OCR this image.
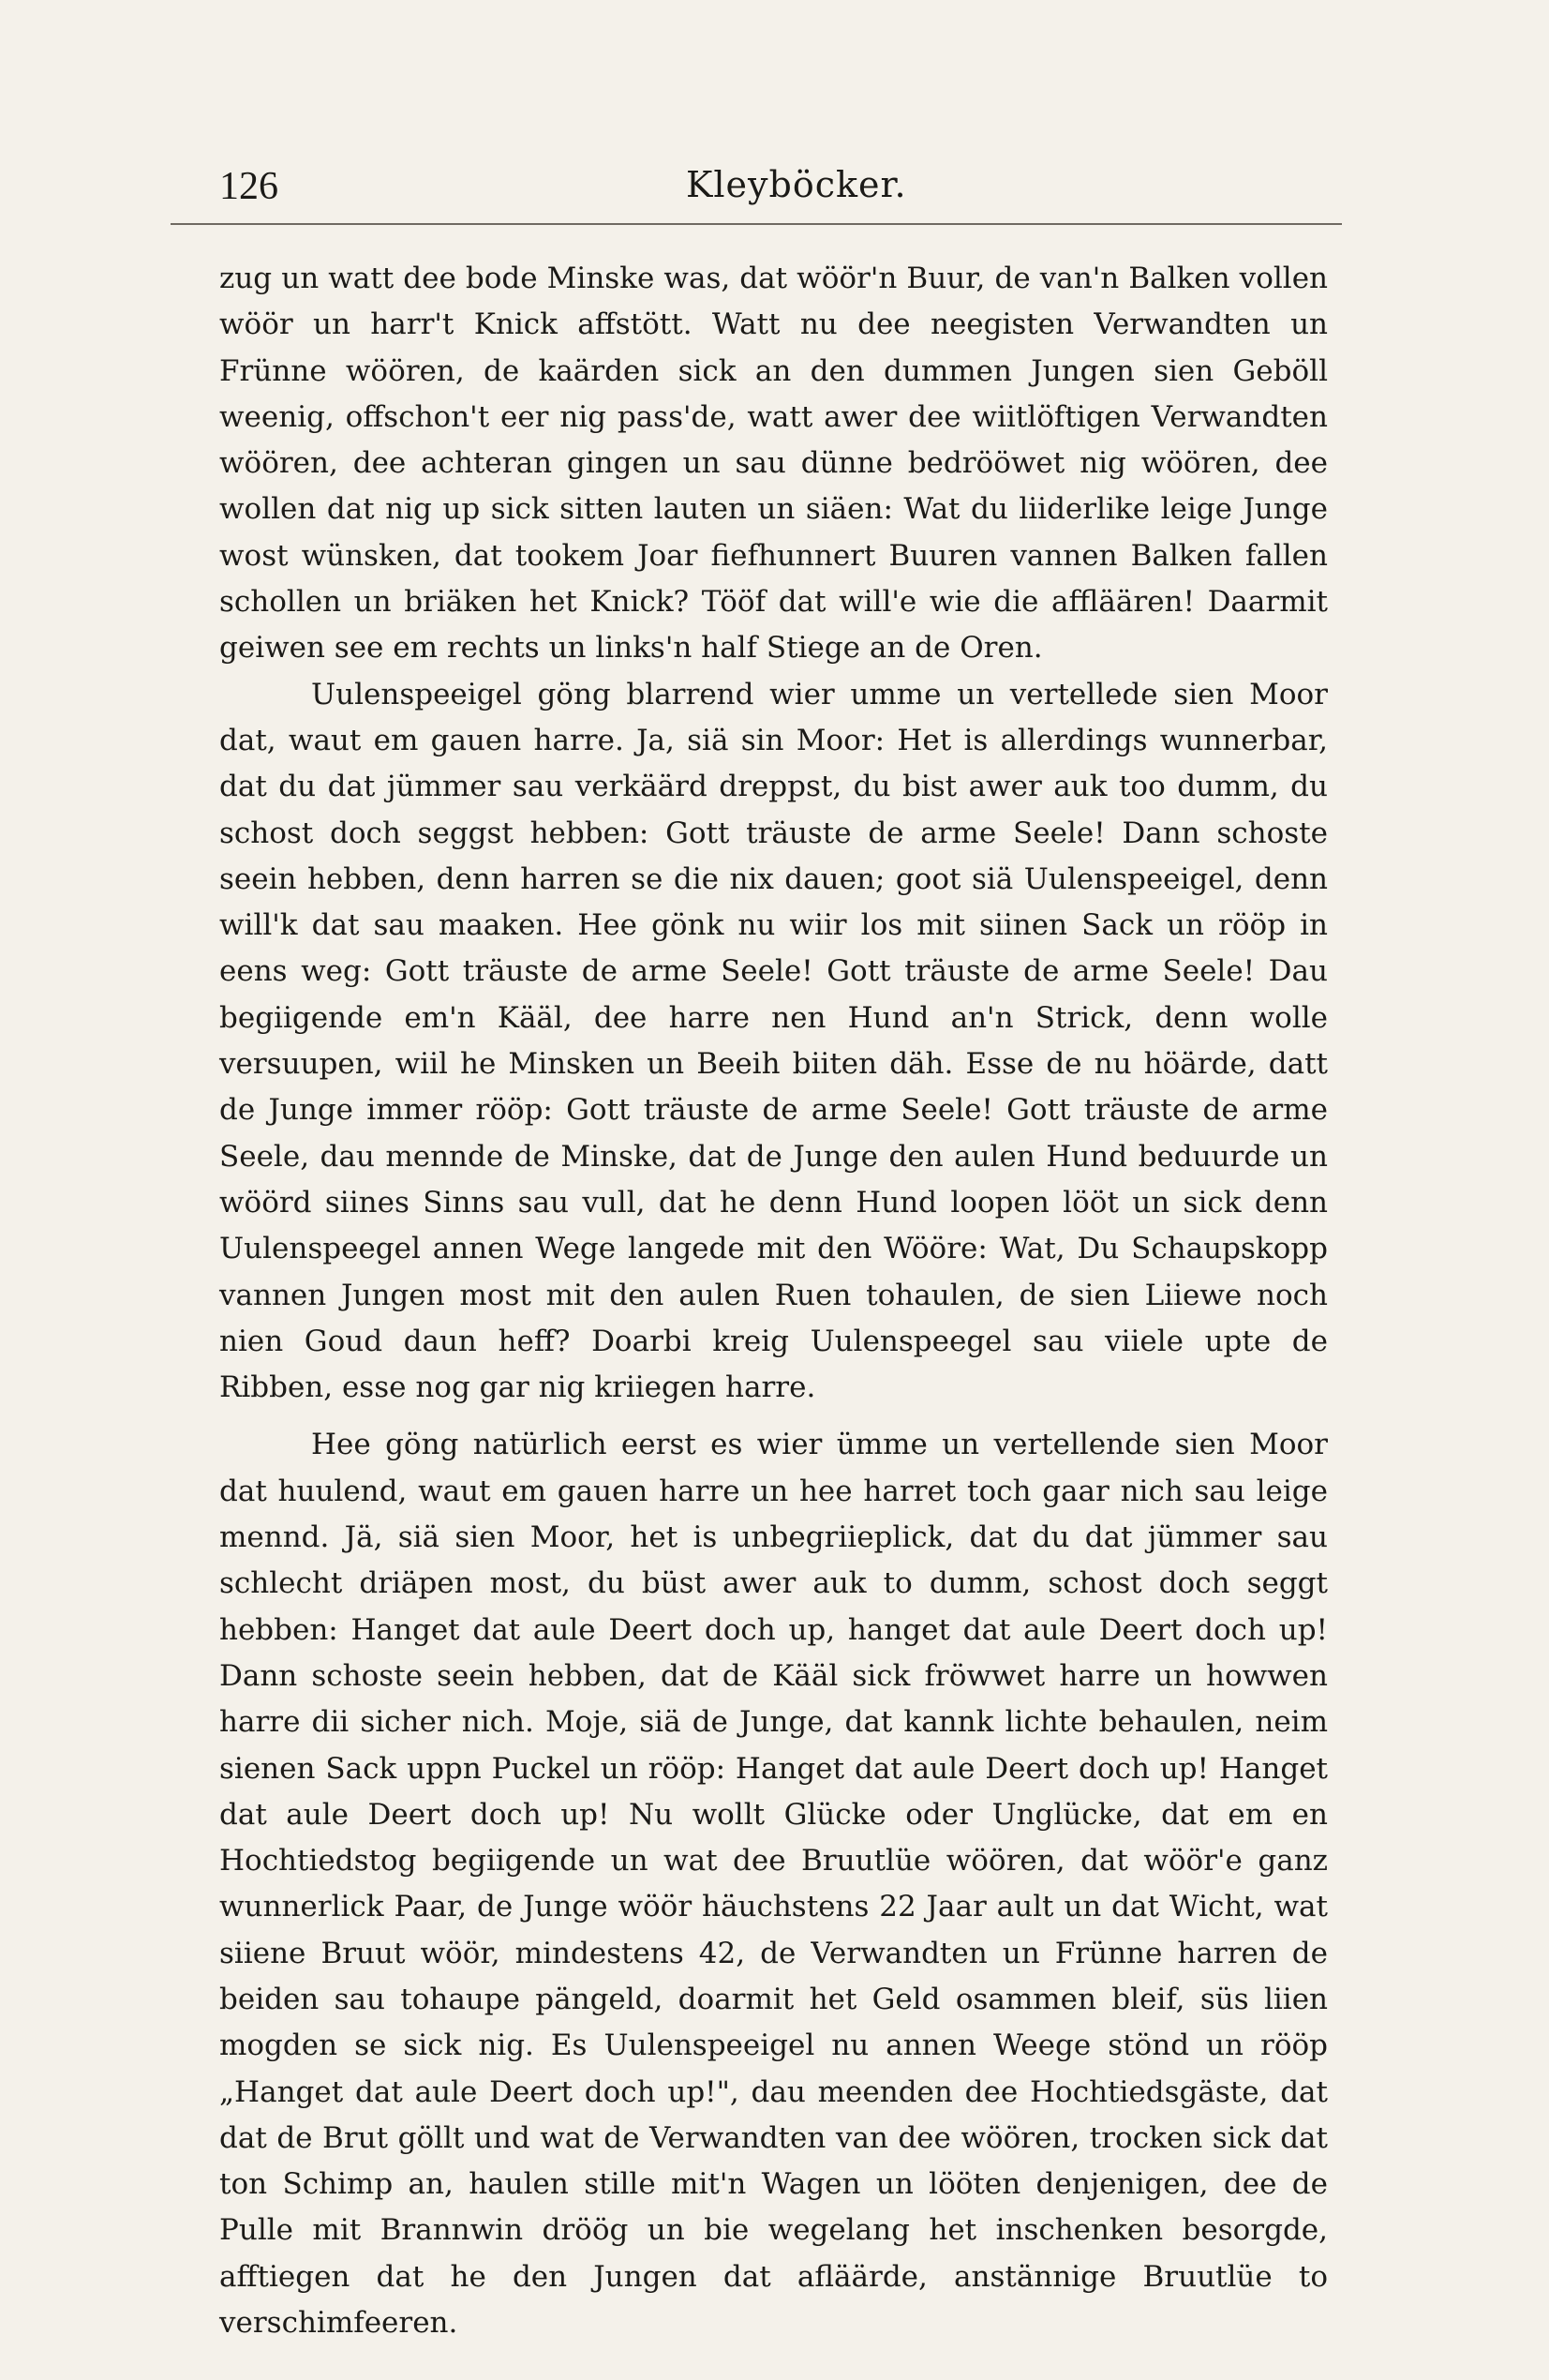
126	Kleyböcker.

zug un watt dee bode Minske was, dat wöör'n Buur, de van'n Balken vollen wöör un harr't Knick affstött. Watt nu dee neegisten Verwandten un Frünne wöören, de kaärden sick an den dummen Jungen sien Geböll weenig, offschon't eer nig pass'de, watt awer dee wiitlöftigen Verwandten wöören, dee achteran gingen un sau dünne bedrööwet nig wöören, dee wollen dat nig up sick sitten lauten un siäen: Wat du liiderlike leige Junge wost wünsken, dat tookem Joar fiefhunnert Buuren vannen Balken fallen schollen un briäken het Knick? Tööf dat will'e wie die affläären! Daarmit geiwen see em rechts un links'n half Stiege an de Oren.

Uulenspeeigel göng blarrend wier umme un vertellede sien Moor dat, waut em gauen harre. Ja, siä sin Moor: Het is allerdings wunnerbar, dat du dat jümmer sau verkäärd dreppst, du bist awer auk too dumm, du schost doch seggst hebben: Gott träuste de arme Seele! Dann schoste seein hebben, denn harren se die nix dauen; goot siä Uulenspeeigel, denn will'k dat sau maaken. Hee gönk nu wiir los mit siinen Sack un rööp in eens weg: Gott träuste de arme Seele! Gott träuste de arme Seele! Dau begiigende em'n Kääl, dee harre nen Hund an'n Strick, denn wolle versuupen, wiil he Minsken un Beeih biiten däh. Esse de nu höärde, datt de Junge immer rööp: Gott träuste de arme Seele! Gott träuste de arme Seele, dau mennde de Minske, dat de Junge den aulen Hund beduurde un wöörd siines Sinns sau vull, dat he denn Hund loopen lööt un sick denn Uulenspeegel annen Wege langede mit den Wööre: Wat, Du Schaupskopp vannen Jungen most mit den aulen Ruen tohaulen, de sien Liiewe noch nien Goud daun heff? Doarbi kreig Uulenspeegel sau viiele upte de Ribben, esse nog gar nig kriiegen harre.

Hee göng natürlich eerst es wier ümme un vertellende sien Moor dat huulend, waut em gauen harre un hee harret toch gaar nich sau leige mennd. Jä, siä sien Moor, het is unbegriieplick, dat du dat jümmer sau schlecht driäpen most, du büst awer auk to dumm, schost doch seggt hebben: Hanget dat aule Deert doch up, hanget dat aule Deert doch up! Dann schoste seein hebben, dat de Kääl sick fröwwet harre un howwen harre dii sicher nich. Moje, siä de Junge, dat kannk lichte behaulen, neim sienen Sack uppn Puckel un rööp: Hanget dat aule Deert doch up! Hanget dat aule Deert doch up! Nu wollt Glücke oder Unglücke, dat em en Hochtiedstog begiigende un wat dee Bruutlüe wöören, dat wöör'e ganz wunnerlick Paar, de Junge wöör häuchstens 22 Jaar ault un dat Wicht, wat siiene Bruut wöör, mindestens 42, de Verwandten un Frünne harren de beiden sau tohaupe pängeld, doarmit het Geld osammen bleif, süs liien mogden se sick nig. Es Uulenspeeigel nu annen Weege stönd un rööp „Hanget dat aule Deert doch up!", dau meenden dee Hochtiedsgäste, dat dat de Brut göllt und wat de Verwandten van dee wöören, trocken sick dat ton Schimp an, haulen stille mit'n Wagen un lööten denjenigen, dee de Pulle mit Brannwin dröög un bie wegelang het inschenken besorgde, afftiegen dat he den Jungen dat afläärde, anstännige Bruutlüe to verschimfeeren.
